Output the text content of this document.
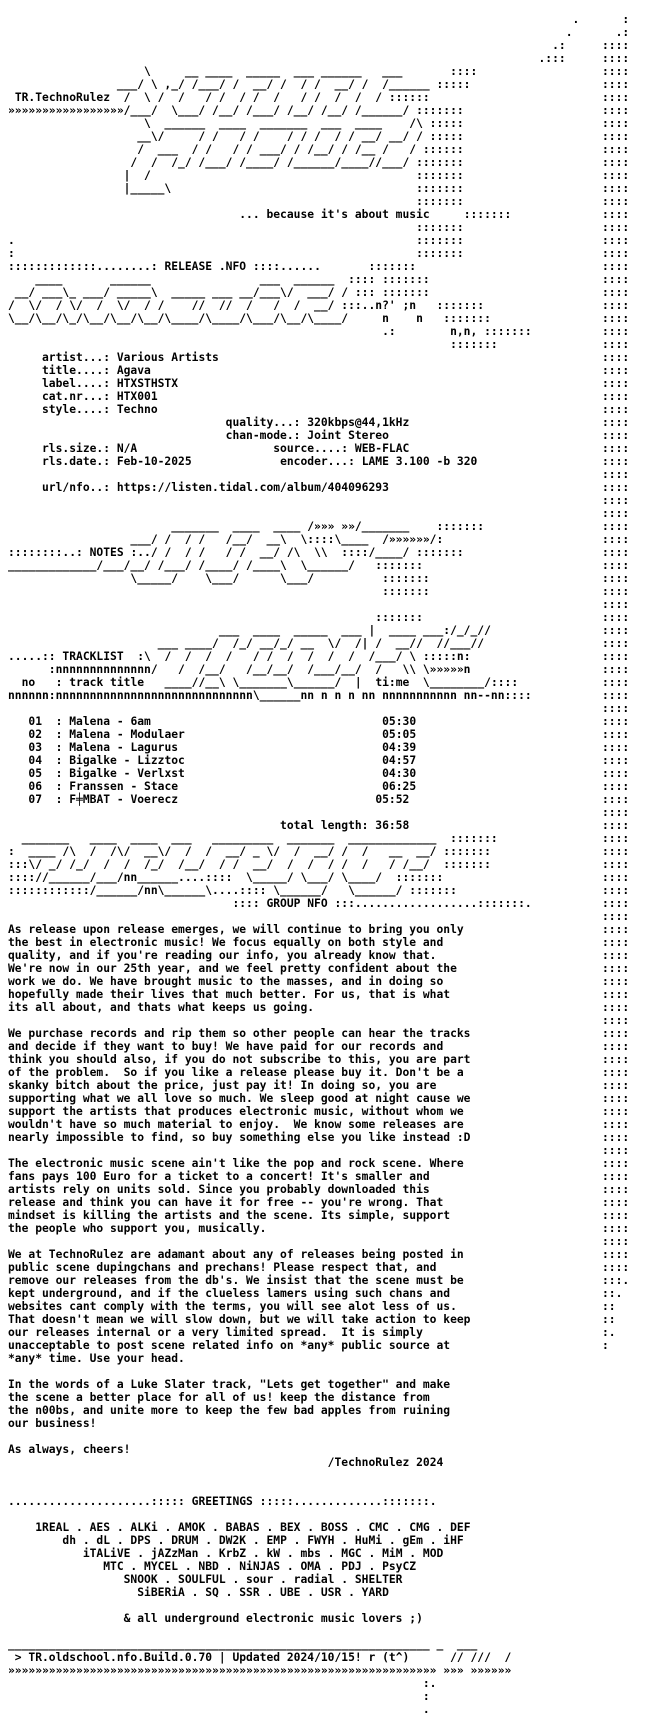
.
.
.:
.:::
\     __ ____  _____  ___ ______   ___       ::::
___/ \ ,_/ /___/ /  __/ /  / /  __/ /  /______ :::::
TR.TechnoRulez  /  \ /  /   / /  / /  /   / /  /  /  / ::::::
»»»»»»»»»»»»»»»»»/___/  \___/ /__/ /___/ /__/ /__/ /______/ :::::::
\  ______  ____  _______  ___  ____    /\ :::::
__\/     / /   / /    / / /  / / __/ __/ / :::::
/  ___  / /   / / ___/ / /__/ / /__ /   / ::::::
/  /  /_/ /___/ /____/ /______/____//___/ :::::::
|  /                                       :::::::
|_____\                                    :::::::
:::::::
... because it's about music     :::::::
:::::::
.                                                           :::::::
:                                                           :::::::
:::::::::::::........: RELEASE .NFO ::::......       :::::::
____       ______                ___  ______  :::: :::::::
__/ ___\_ ___/ _____\  _____ ___ __/___\/  ___/ / ::: :::::::
/  \/  / \/  /  \/  / /    //  //  /   /  /  __/ :::..n?' ;n   :::::::
\__/\__/\_/\__/\__/\__/\____/\____/\___/\__/\____/     n    n   :::::::
.:        n,n, :::::::
:::::::
artist...: Various Artists
title....: Agava
label....: HTXSTHSTX
cat.nr...: HTX001
style....: Techno
quality...: 320kbps@44,1kHz
chan-mode.: Joint Stereo
rls.size.: N/A                    source....: WEB-FLAC
rls.date.: Feb-10-2025             encoder...: LAME 3.100 -b 320
url/nfo..: https://listen.tidal.com/album/404096293
_______  ____  ____ /»»» »»/_______    :::::::
___/ /  / /   /__/  __\  \::::\____  /»»»»»»/:
::::::::..: NOTES :../ /  / /   / /  __/ /\  \\  ::::/____/ :::::::
_____________/___/__/ /___/ /____/ /____\  \______/   :::::::
\_____/    \___/      \___/          :::::::
:::::::
:::::::
___  ____  _____  ___ |  ____ ___:/_/_//
___ ____/  /_/ __/_/ __  \/  /| /  __//  //___//
.....:: TRACKLIST  :\  /  /  /  /   / /  /  /  /  /  /___/ \ :::::n:
:nnnnnnnnnnnnnn/   /  /__/   /__/__/  /___/__/  /   \\ \»»»»»n
no   : track title   ____//__\ \_______\______/  |  ti:me  \________/::::
nnnnnn:nnnnnnnnnnnnnnnnnnnnnnnnnnnnn\______nn n n n nn nnnnnnnnnnn nn--nn::::
01  : Malena - 6am	05:30
02  : Malena - Modulaer	05:05
03  : Malena - Lagurus	04:39
04  : Bigalke - Lizztoc	04:57
05  : Bigalke - Verlxst	04:30
06  : Franssen - Stace	06:25
07  : F╪MBAT - Voerecz	05:52
total length: 36:58
_______   ____  ____  ___   _________  _______  _____________  :::::::
:  ____ /\  /  /\/  __\/  /  /  __/ _ \/  /  __/ /  /   __  __/ :::::::
:::\/ _/ /_/  /  /  /_/  /__/  / /  __/  /  /  / /  /   / /__/  :::::::
:::://______/___/nn______....::::  \_____/ \___/ \____/  :::::::
::::::::::::/______/nn\______\....:::: \______/   \______/ :::::::
:::: GROUP NFO :::..................:::::::.
As release upon release emerges, we will continue to bring you only
the best in electronic music! We focus equally on both style and
quality, and if you're reading our info, you already know that.
We're now in our 25th year, and we feel pretty confident about the
work we do. We have brought music to the masses, and in doing so
hopefully made their lives that much better. For us, that is what
its all about, and thats what keeps us going.
We purchase records and rip them so other people can hear the tracks
and decide if they want to buy! We have paid for our records and
think you should also, if you do not subscribe to this, you are part
of the problem.  So if you like a release please buy it. Don't be a
skanky bitch about the price, just pay it! In doing so, you are
supporting what we all love so much. We sleep good at night cause we
support the artists that produces electronic music, without whom we
wouldn't have so much material to enjoy.  We know some releases are
nearly impossible to find, so buy something else you like instead :D
The electronic music scene ain't like the pop and rock scene. Where
fans pays 100 Euro for a ticket to a concert! It's smaller and
artists rely on units sold. Since you probably downloaded this
release and think you can have it for free -- you're wrong. That
mindset is killing the artists and the scene. Its simple, support
the people who support you, musically.
We at TechnoRulez are adamant about any of releases being posted in
public scene dupingchans and prechans! Please respect that, and
remove our releases from the db's. We insist that the scene must be
kept underground, and if the clueless lamers using such chans and
websites cant comply with the terms, you will see alot less of us.
That doesn't mean we will slow down, but we will take action to keep
our releases internal or a very limited spread.  It is simply
unacceptable to post scene related info on *any* public source at
*any* time. Use your head.
In the words of a Luke Slater track, "Lets get together" and make
the scene a better place for all of us! keep the distance from
the n00bs, and unite more to keep the few bad apples from ruining
our business!
As always, cheers!
/TechnoRulez 2024
.....................::::: GREETINGS :::::.............:::::::.
1REAL . AES . ALKi . AMOK . BABAS . BEX . BOSS . CMC . CMG . DEF
dh . dL . DPS . DRUM . DW2K . EMP . FWYH . HuMi . gEm . iHF
iTALiVE . jAZzMan . KrbZ . kW . mbs . MGC . MiM . MOD
MTC . MYCEL . NBD . NiNJAS . OMA . PDJ . PsyCZ
SNOOK . SOULFUL . sour . radial . SHELTER
SiBERiA . SQ . SSR . UBE . USR . YARD
& all underground electronic music lovers ;)
______________________________________________________________ _  ___
> TR.oldschool.nfo.Build.0.70 | Updated 2024/10/15! r (t^)      // ///  /
»»»»»»»»»»»»»»»»»»»»»»»»»»»»»»»»»»»»»»»»»»»»»»»»»»»»»»»»»»»»»»» »»» »»»»»»
:.
:
.

:
.:
::::
::::
::::
::::
::::
::::
::::
::::
::::
::::
::::
::::
::::
::::
::::
::::
::::
::::
::::
::::
::::
::::
::::
::::
::::
::::
::::
::::
::::
::::
::::
::::
::::
::::
::::
::::
::::
::::
::::
::::
::::
::::
::::
::::
::::
::::
::::
::::
::::
::::
::::
::::
::::
::::
::::
::::
::::
::::
::::
::::
::::
::::
::::
::::
::::
::::
::::
::::
::::
::::
::::
::::
::::
::::
::::
::::
::::
::::
::::
::::
::::
::::
::::
::::
::::
::::
::::
::::
::::
::::
::::
::::
::::
::::
::::
:::.
::.
::
::
:.
:
